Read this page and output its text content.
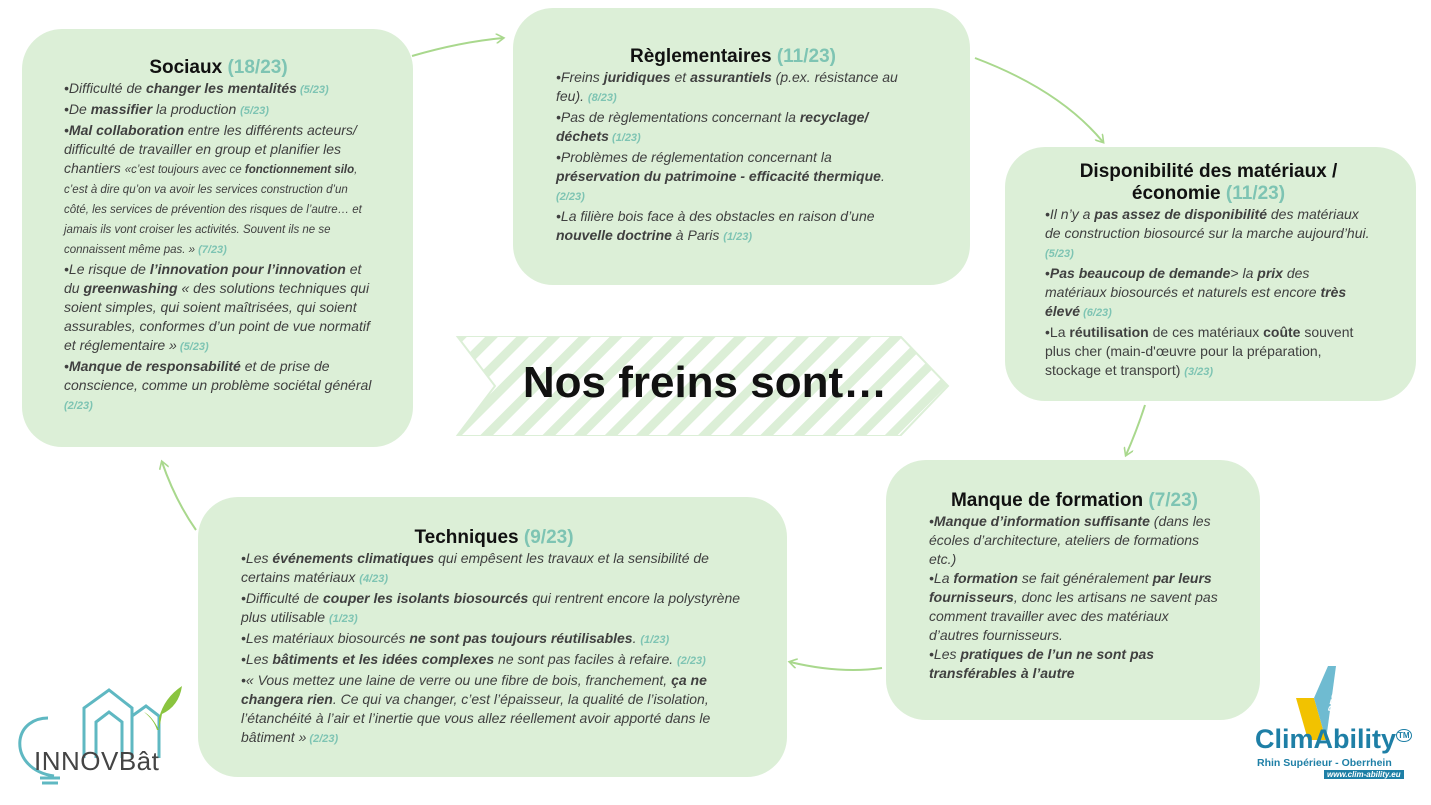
Nos freins sont…
Sociaux (18/23)

•Difficulté de changer les mentalités (5/23)

•De massifier la production (5/23)

•Mal collaboration entre les différents acteurs/ difficulté de travailler en group et planifier les chantiers «c’est toujours avec ce fonctionnement silo, c’est à dire qu’on va avoir les services construction d’un côté, les services de prévention des risques de l’autre… et jamais ils vont croiser les activités. Souvent ils ne se connaissent même pas. » (7/23)

•Le risque de l’innovation pour l’innovation et du greenwashing « des solutions techniques qui soient simples, qui soient maîtrisées, qui soient assurables, conformes d’un point de vue normatif et réglementaire » (5/23)

•Manque de responsabilité et de prise de conscience, comme un problème sociétal général (2/23)

Règlementaires (11/23)

•Freins juridiques et assurantiels (p.ex. résistance au feu). (8/23)

•Pas de règlementations concernant la recyclage/ déchets (1/23)

•Problèmes de réglementation concernant la préservation du patrimoine - efficacité thermique. (2/23)

•La filière bois face à des obstacles en raison d’une nouvelle doctrine à Paris (1/23)

Disponibilité des matériaux /
économie (11/23)

•Il n’y a pas assez de disponibilité des matériaux de construction biosourcé sur la marche aujourd’hui. (5/23)

•Pas beaucoup de demande> la prix des matériaux biosourcés et naturels est encore très élevé (6/23)

•La réutilisation de ces matériaux coûte souvent plus cher (main-d'œuvre pour la préparation, stockage et transport) (3/23)

Manque de formation (7/23)

•Manque d’information suffisante (dans les écoles d’architecture, ateliers de formations etc.)

•La formation se fait généralement par leurs fournisseurs, donc les artisans ne savent pas comment travailler avec des matériaux d’autres fournisseurs.

•Les pratiques de l’un ne sont pas transférables à l’autre

Techniques (9/23)

•Les événements climatiques qui empêsent les travaux et la sensibilité de certains matériaux (4/23)

•Difficulté de couper les isolants biosourcés qui rentrent encore la polystyrène plus utilisable (1/23)

•Les matériaux biosourcés ne sont pas toujours réutilisables. (1/23)

•Les bâtiments et les idées complexes ne sont pas faciles à refaire. (2/23)

•« Vous mettez une laine de verre ou une fibre de bois, franchement, ça ne changera rien. Ce qui va changer, c’est l’épaisseur, la qualité de l’isolation, l’étanchéité à l’air et l’inertie que vous allez réellement avoir apporté dans le bâtiment » (2/23)

INNOVBât
DESIGN
ClimAbility ™
Rhin Supérieur - Oberrhein
www.clim-ability.eu
